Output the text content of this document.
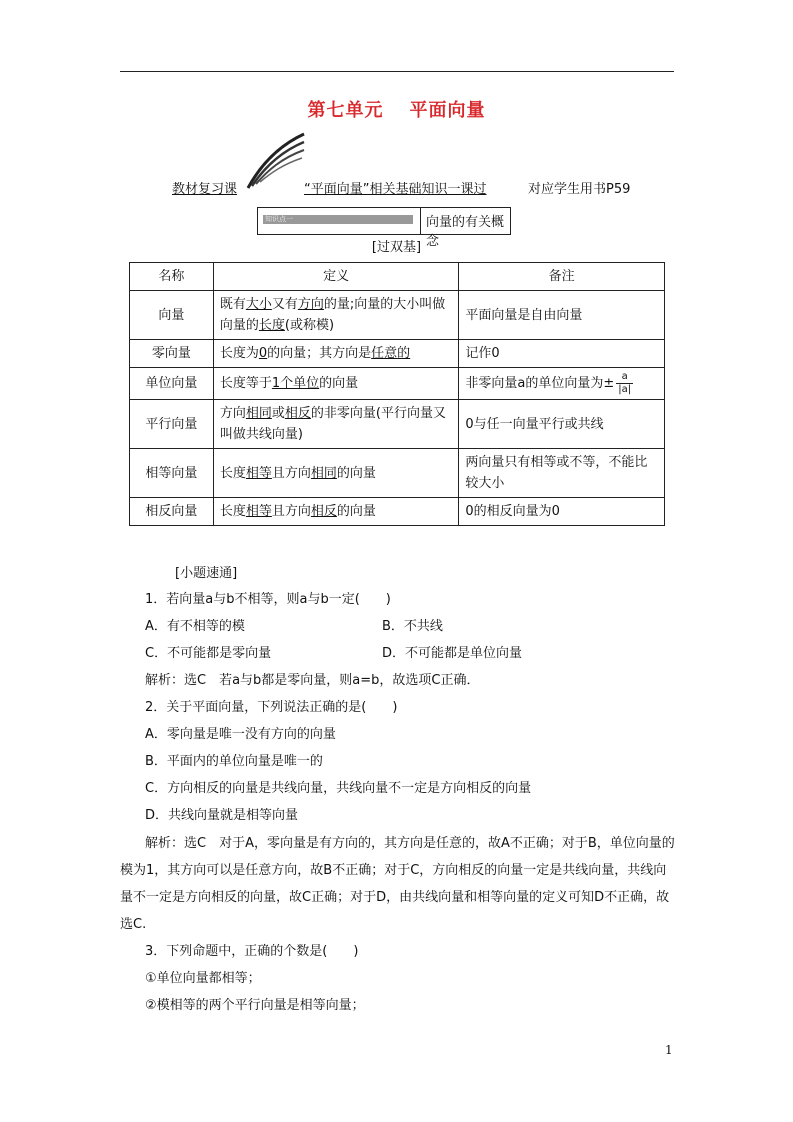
第七单元 平面向量
教材复习课	“平面向量”相关基础知识一课过	对应学生用书P59
知识点一	向量的有关概念
[过双基]
名称	定义	备注
向量	既有大小又有方向的量;向量的大小叫做向量的长度(或称模)	平面向量是自由向量
零向量	长度为0的向量；其方向是任意的	记作0
单位向量	长度等于1个单位的向量	非零向量a的单位向量为± $\frac{a}{|a|}$

平行向量	方向相同或相反的非零向量(平行向量又叫做共线向量)	0与任一向量平行或共线
相等向量	长度相等且方向相同的向量	两向量只有相等或不等，不能比较大小
相反向量	长度相等且方向相反的向量	0的相反向量为0
[小题速通]
1．若向量a与b不相等，则a与b一定(　　)
A．有不相等的模	B．不共线
C．不可能都是零向量	D．不可能都是单位向量
解析：选C　若a与b都是零向量，则a=b，故选项C正确．
2．关于平面向量，下列说法正确的是(　　)
A．零向量是唯一没有方向的向量
B．平面内的单位向量是唯一的
C．方向相反的向量是共线向量，共线向量不一定是方向相反的向量
D．共线向量就是相等向量
解析：选C　对于A，零向量是有方向的，其方向是任意的，故A不正确；对于B，单位向量的模为1，其方向可以是任意方向，故B不正确；对于C，方向相反的向量一定是共线向量，共线向量不一定是方向相反的向量，故C正确；对于D，由共线向量和相等向量的定义可知D不正确，故选C.
3．下列命题中，正确的个数是(　　)
①单位向量都相等；
②模相等的两个平行向量是相等向量；
1
